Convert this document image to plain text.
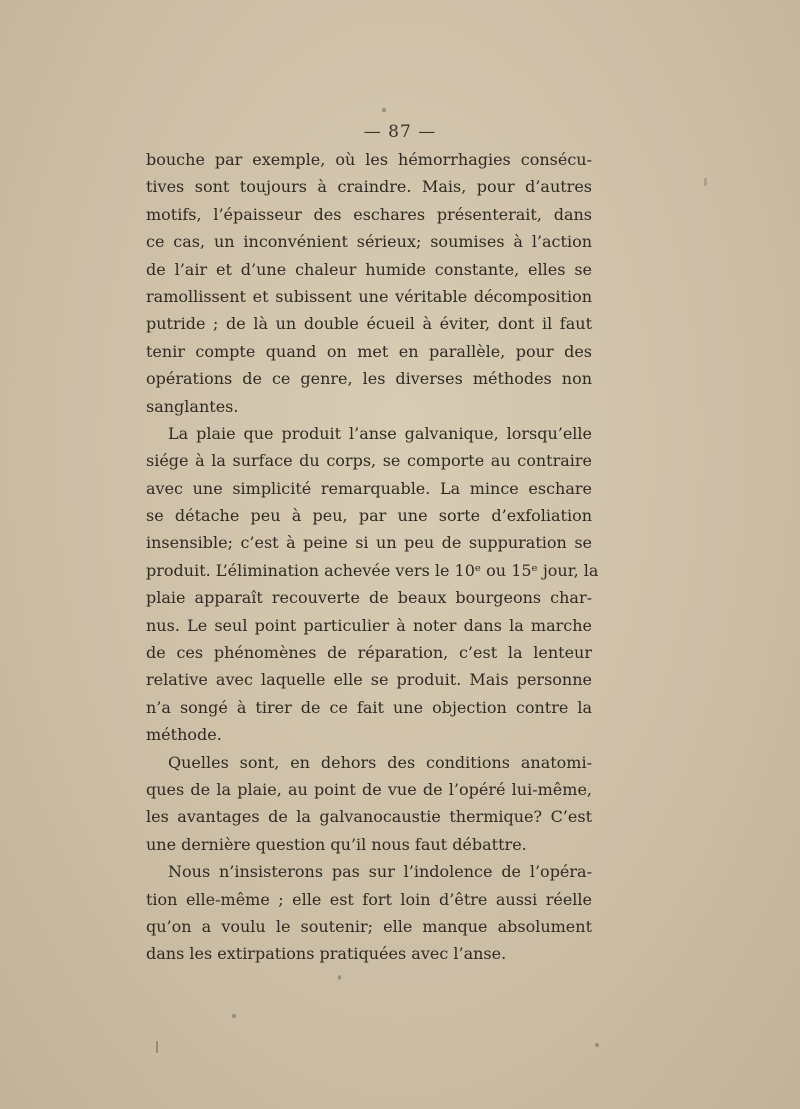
— 87 —
bouche par exemple, où les hémorrhagies consécu-
tives sont toujours à craindre. Mais, pour d’autres
motifs, l’épaisseur des eschares présenterait, dans
ce cas, un inconvénient sérieux; soumises à l’action
de l’air et d’une chaleur humide constante, elles se
ramollissent et subissent une véritable décomposition
putride ; de là un double écueil à éviter, dont il faut
tenir compte quand on met en parallèle, pour des
opérations de ce genre, les diverses méthodes non
sanglantes.
La plaie que produit l’anse galvanique, lorsqu’elle
siége à la surface du corps, se comporte au contraire
avec une simplicité remarquable. La mince eschare
se détache peu à peu, par une sorte d’exfoliation
insensible; c’est à peine si un peu de suppuration se
produit. L’élimination achevée vers le 10ᵉ ou 15ᵉ jour, la
plaie apparaît recouverte de beaux bourgeons char-
nus. Le seul point particulier à noter dans la marche
de ces phénomènes de réparation, c’est la lenteur
relative avec laquelle elle se produit. Mais personne
n’a songé à tirer de ce fait une objection contre la
méthode.
Quelles sont, en dehors des conditions anatomi-
ques de la plaie, au point de vue de l’opéré lui-même,
les avantages de la galvanocaustie thermique? C’est
une dernière question qu’il nous faut débattre.
Nous n’insisterons pas sur l’indolence de l’opéra-
tion elle-même ; elle est fort loin d’être aussi réelle
qu’on a voulu le soutenir; elle manque absolument
dans les extirpations pratiquées avec l’anse.
